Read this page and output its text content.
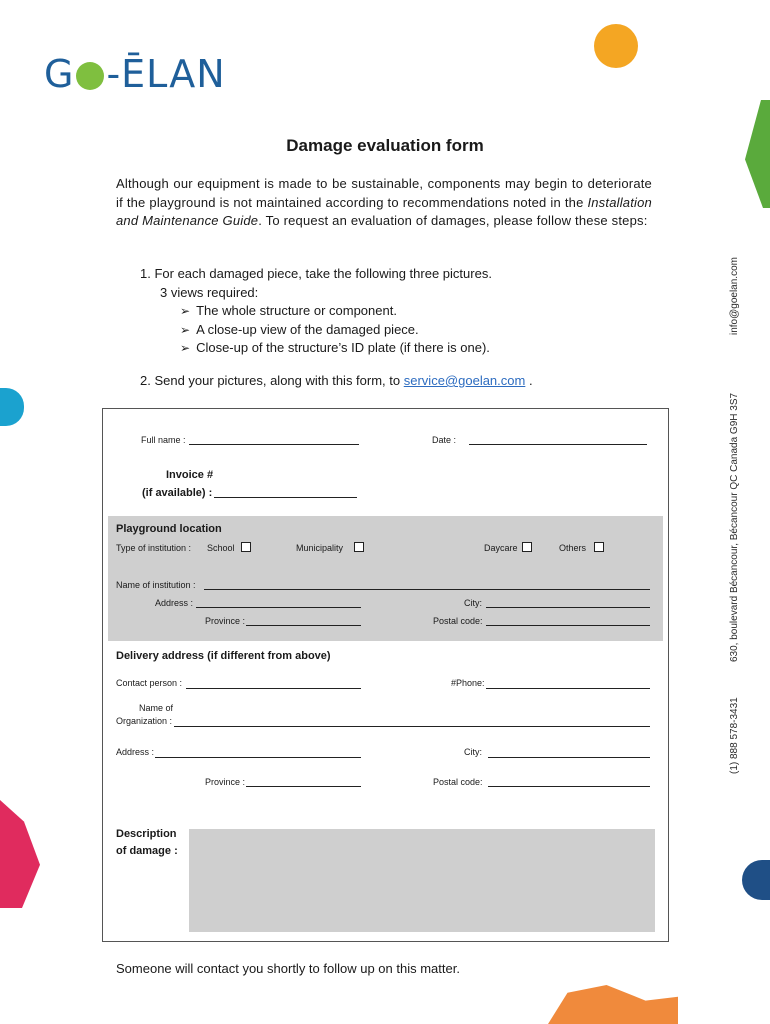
G -ĒLAN
info@goelan.com
630, boulevard Bécancour, Bécancour QC Canada G9H 3S7
(1) 888 578-3431
Damage evaluation form

Although our equipment is made to be sustainable, components may begin to deteriorate if the playground is not maintained according to recommendations noted in the Installation and Maintenance Guide. To request an evaluation of damages, please follow these steps:

1. For each damaged piece, take the following three pictures.
3 views required:
➢ The whole structure or component.
➢ A close-up view of the damaged piece.
➢ Close-up of the structure’s ID plate (if there is one).
2. Send your pictures, along with this form, to service@goelan.com .
Full name :	Date :
Invoice #
(if available) :
Playground location
Type of institution : School	Municipality	Daycare	Others
Name of institution :
Address :	City:
Province :	Postal code:
Delivery address (if different from above)
Contact person :	#Phone:
Name of
Organization :
Address :	City:
Province :	Postal code:
Description
of damage :
Someone will contact you shortly to follow up on this matter.
